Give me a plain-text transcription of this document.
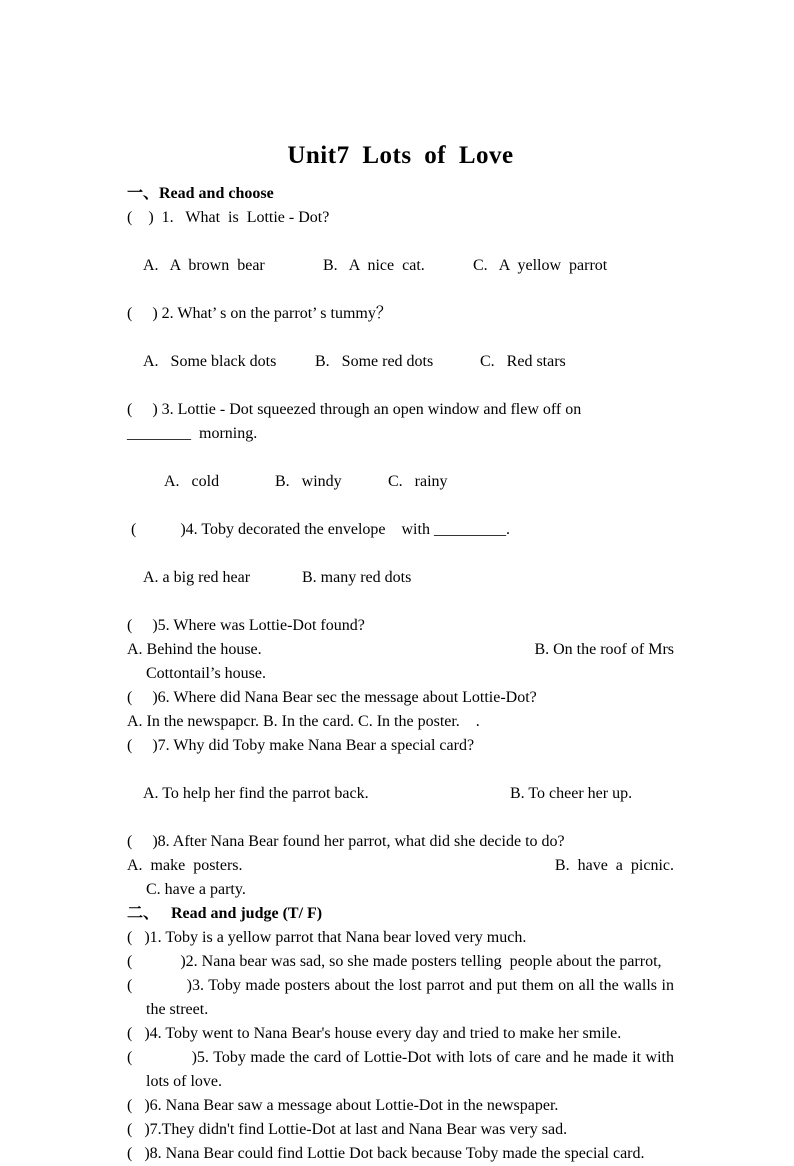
Unit7 Lots of Love
一、Read and choose
(    )  1.   What  is  Lottie - Dot?

A.   A  brown  bear	B.   A  nice  cat.	C.   A  yellow  parrot

(     ) 2. What’ s on the parrot’ s tummy？

A.   Some black dots B.   Some red dots	C.   Red stars

(     ) 3. Lottie - Dot squeezed through an open window and flew off on
________  morning.

A.   cold	B.   windy	C.   rainy

(           )4. Toby decorated the envelope    with _________.

A. a big red hear	B. many red dots

(     )5. Where was Lottie-Dot found?
A. Behind the house.	B. On the roof of Mrs
Cottontail’s house.
(     )6. Where did Nana Bear sec the message about Lottie-Dot?
A. In the newspapcr. B. In the card. C. In the poster.    .
(     )7. Why did Toby make Nana Bear a special card?

A. To help her find the parrot back.	B. To cheer her up.

(     )8. After Nana Bear found her parrot, what did she decide to do?
A.  make  posters.	B.  have  a  picnic.
C. have a party.
二、   Read and judge (T/ F)
(   )1. Toby is a yellow parrot that Nana bear loved very much.
(            )2. Nana bear was sad, so she made posters telling  people about the parrot,
(            )3. Toby made posters about the lost parrot and put them on all the walls in the street.
(   )4. Toby went to Nana Bear's house every day and tried to make her smile.
(             )5. Toby made the card of Lottie-Dot with lots of care and he made it with lots of love.
(   )6. Nana Bear saw a message about Lottie-Dot in the newspaper.
(   )7.They didn't find Lottie-Dot at last and Nana Bear was very sad.
(   )8. Nana Bear could find Lottie Dot back because Toby made the special card.
